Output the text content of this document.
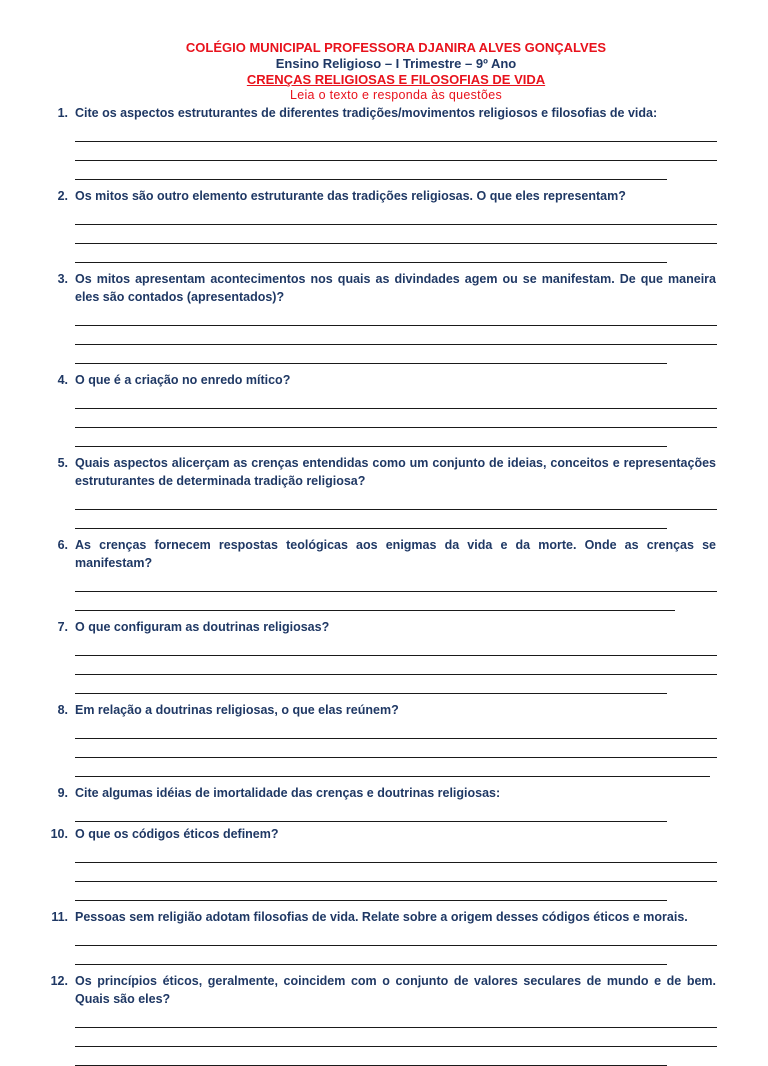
COLÉGIO MUNICIPAL PROFESSORA DJANIRA ALVES GONÇALVES
Ensino Religioso – I Trimestre – 9º Ano
CRENÇAS RELIGIOSAS E FILOSOFIAS DE VIDA
Leia o texto e responda às questões
1. Cite os aspectos estruturantes de diferentes tradições/movimentos religiosos e filosofias de vida:
2. Os mitos são outro elemento estruturante das tradições religiosas. O que eles representam?
3. Os mitos apresentam acontecimentos nos quais as divindades agem ou se manifestam. De que maneira eles são contados (apresentados)?
4. O que é a criação no enredo mítico?
5. Quais aspectos alicerçam as crenças entendidas como um conjunto de ideias, conceitos e representações estruturantes de determinada tradição religiosa?
6. As crenças fornecem respostas teológicas aos enigmas da vida e da morte. Onde as crenças se manifestam?
7. O que configuram as doutrinas religiosas?
8. Em relação a doutrinas religiosas, o que elas reúnem?
9. Cite algumas idéias de imortalidade das crenças e doutrinas religiosas:
10. O que os códigos éticos definem?
11. Pessoas sem religião adotam filosofias de vida. Relate sobre a origem desses códigos éticos e morais.
12. Os princípios éticos, geralmente, coincidem com o conjunto de valores seculares de mundo e de bem. Quais são eles?
